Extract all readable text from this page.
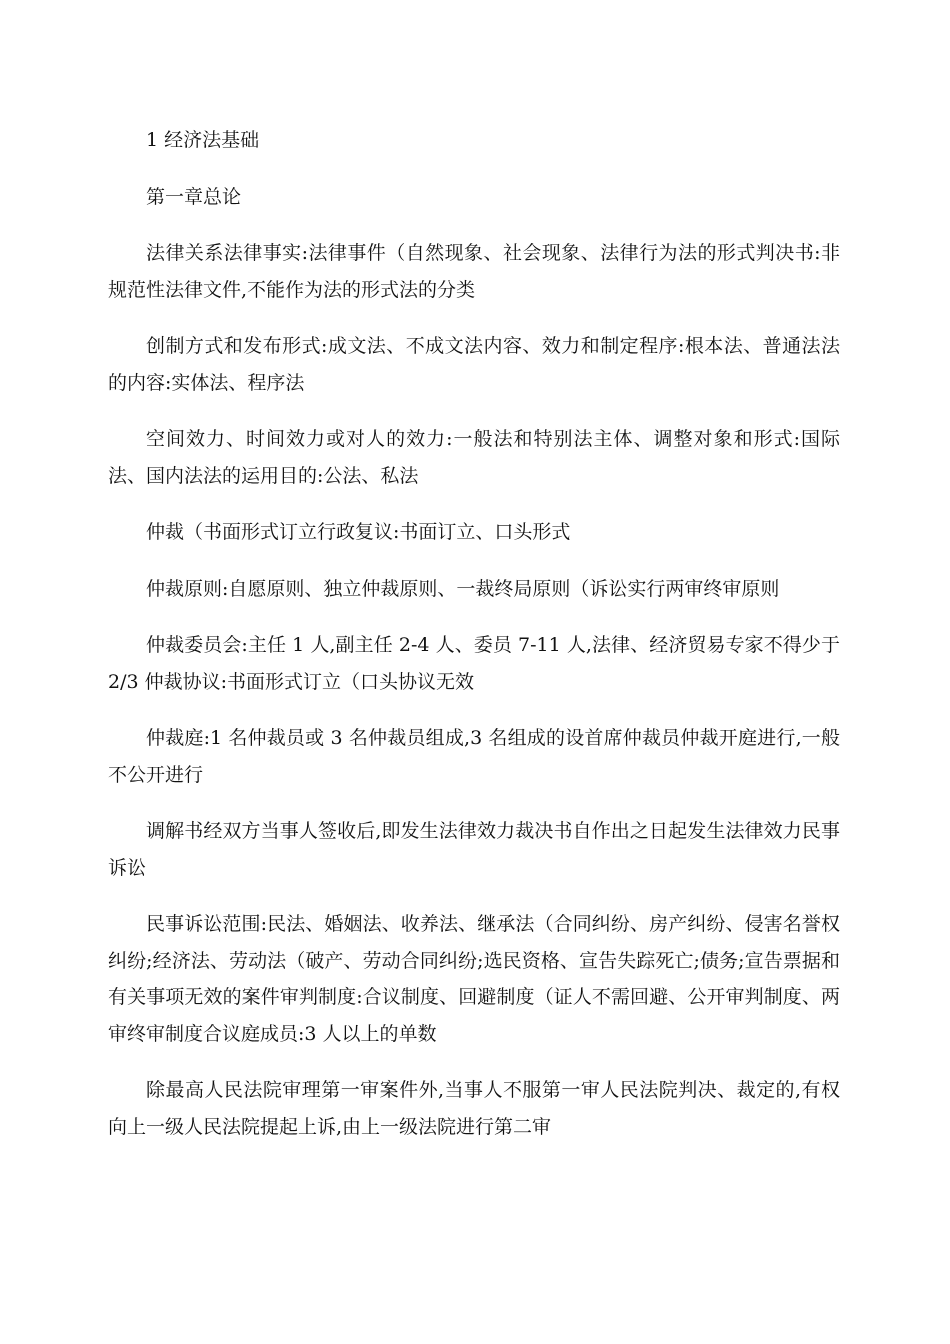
1 经济法基础

第一章总论

法律关系法律事实:法律事件（自然现象、社会现象、法律行为法的形式判决书:非规范性法律文件,不能作为法的形式法的分类

创制方式和发布形式:成文法、不成文法内容、效力和制定程序:根本法、普通法法的内容:实体法、程序法

空间效力、时间效力或对人的效力:一般法和特别法主体、调整对象和形式:国际法、国内法法的运用目的:公法、私法

仲裁（书面形式订立行政复议:书面订立、口头形式

仲裁原则:自愿原则、独立仲裁原则、一裁终局原则（诉讼实行两审终审原则

仲裁委员会:主任 1 人,副主任 2-4 人、委员 7-11 人,法律、经济贸易专家不得少于 2/3 仲裁协议:书面形式订立（口头协议无效

仲裁庭:1 名仲裁员或 3 名仲裁员组成,3 名组成的设首席仲裁员仲裁开庭进行,一般不公开进行

调解书经双方当事人签收后,即发生法律效力裁决书自作出之日起发生法律效力民事诉讼

民事诉讼范围:民法、婚姻法、收养法、继承法（合同纠纷、房产纠纷、侵害名誉权纠纷;经济法、劳动法（破产、劳动合同纠纷;选民资格、宣告失踪死亡;债务;宣告票据和有关事项无效的案件审判制度:合议制度、回避制度（证人不需回避、公开审判制度、两审终审制度合议庭成员:3 人以上的单数

除最高人民法院审理第一审案件外,当事人不服第一审人民法院判决、裁定的,有权向上一级人民法院提起上诉,由上一级法院进行第二审
